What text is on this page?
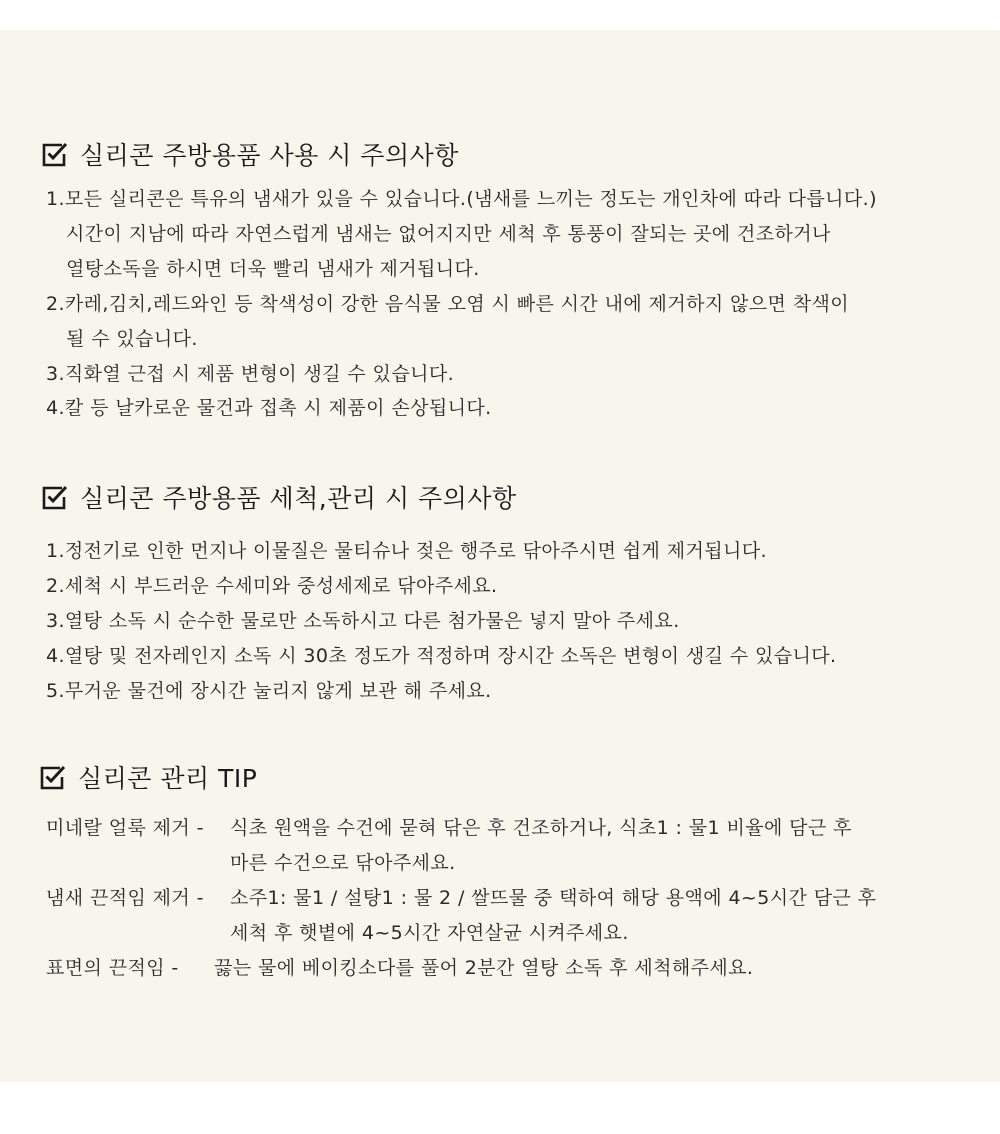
실리콘 주방용품 사용 시 주의사항
1.모든 실리콘은 특유의 냄새가 있을 수 있습니다.(냄새를 느끼는 정도는 개인차에 따라 다릅니다.)
시간이 지남에 따라 자연스럽게 냄새는 없어지지만 세척 후 통풍이 잘되는 곳에 건조하거나
열탕소독을 하시면 더욱 빨리 냄새가 제거됩니다.
2.카레,김치,레드와인 등 착색성이 강한 음식물 오염 시 빠른 시간 내에 제거하지 않으면 착색이
될 수 있습니다.
3.직화열 근접 시 제품 변형이 생길 수 있습니다.
4.칼 등 날카로운 물건과 접촉 시 제품이 손상됩니다.
실리콘 주방용품 세척,관리 시 주의사항
1.정전기로 인한 먼지나 이물질은 물티슈나 젖은 행주로 닦아주시면 쉽게 제거됩니다.
2.세척 시 부드러운 수세미와 중성세제로 닦아주세요.
3.열탕 소독 시 순수한 물로만 소독하시고 다른 첨가물은 넣지 말아 주세요.
4.열탕 및 전자레인지 소독 시 30초 정도가 적정하며 장시간 소독은 변형이 생길 수 있습니다.
5.무거운 물건에 장시간 눌리지 않게 보관 해 주세요.
실리콘 관리 TIP
미네랄 얼룩 제거 - 식초 원액을 수건에 묻혀 닦은 후 건조하거나, 식초1 : 물1 비율에 담근 후
마른 수건으로 닦아주세요.
냄새 끈적임 제거 - 소주1: 물1 / 설탕1 : 물 2 / 쌀뜨물 중 택하여 해당 용액에 4~5시간 담근 후
세척 후 햇볕에 4~5시간 자연살균 시켜주세요.
표면의 끈적임 - 끓는 물에 베이킹소다를 풀어 2분간 열탕 소독 후 세척해주세요.
